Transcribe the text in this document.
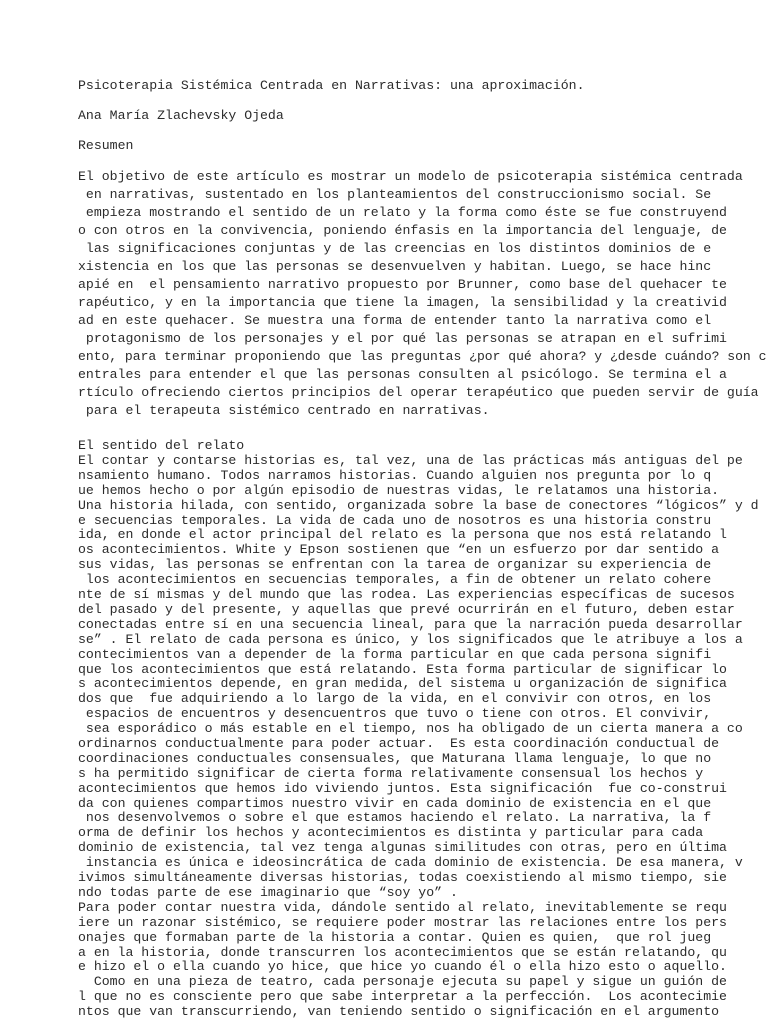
Psicoterapia Sistémica Centrada en Narrativas: una aproximación.
Ana María Zlachevsky Ojeda
Resumen
El objetivo de este artículo es mostrar un modelo de psicoterapia sistémica centrada
en narrativas, sustentado en los planteamientos del construccionismo social. Se
empieza mostrando el sentido de un relato y la forma como éste se fue construyend
o con otros en la convivencia, poniendo énfasis en la importancia del lenguaje, de
las significaciones conjuntas y de las creencias en los distintos dominios de e
xistencia en los que las personas se desenvuelven y habitan. Luego, se hace hinc
apié en  el pensamiento narrativo propuesto por Brunner, como base del quehacer te
rapéutico, y en la importancia que tiene la imagen, la sensibilidad y la creativid
ad en este quehacer. Se muestra una forma de entender tanto la narrativa como el
protagonismo de los personajes y el por qué las personas se atrapan en el sufrimi
ento, para terminar proponiendo que las preguntas ¿por qué ahora? y ¿desde cuándo? son c
entrales para entender el que las personas consulten al psicólogo. Se termina el a
rtículo ofreciendo ciertos principios del operar terapéutico que pueden servir de guía
para el terapeuta sistémico centrado en narrativas.
El sentido del relato
El contar y contarse historias es, tal vez, una de las prácticas más antiguas del pe
nsamiento humano. Todos narramos historias. Cuando alguien nos pregunta por lo q
ue hemos hecho o por algún episodio de nuestras vidas, le relatamos una historia.
Una historia hilada, con sentido, organizada sobre la base de conectores “lógicos” y d
e secuencias temporales. La vida de cada uno de nosotros es una historia constru
ida, en donde el actor principal del relato es la persona que nos está relatando l
os acontecimientos. White y Epson sostienen que “en un esfuerzo por dar sentido a
sus vidas, las personas se enfrentan con la tarea de organizar su experiencia de
los acontecimientos en secuencias temporales, a fin de obtener un relato cohere
nte de sí mismas y del mundo que las rodea. Las experiencias específicas de sucesos
del pasado y del presente, y aquellas que prevé ocurrirán en el futuro, deben estar
conectadas entre sí en una secuencia lineal, para que la narración pueda desarrollar
se” . El relato de cada persona es único, y los significados que le atribuye a los a
contecimientos van a depender de la forma particular en que cada persona signifi
que los acontecimientos que está relatando. Esta forma particular de significar lo
s acontecimientos depende, en gran medida, del sistema u organización de significa
dos que  fue adquiriendo a lo largo de la vida, en el convivir con otros, en los
espacios de encuentros y desencuentros que tuvo o tiene con otros. El convivir,
sea esporádico o más estable en el tiempo, nos ha obligado de un cierta manera a co
ordinarnos conductualmente para poder actuar.  Es esta coordinación conductual de
coordinaciones conductuales consensuales, que Maturana llama lenguaje, lo que no
s ha permitido significar de cierta forma relativamente consensual los hechos y
acontecimientos que hemos ido viviendo juntos. Esta significación  fue co-construi
da con quienes compartimos nuestro vivir en cada dominio de existencia en el que
nos desenvolvemos o sobre el que estamos haciendo el relato. La narrativa, la f
orma de definir los hechos y acontecimientos es distinta y particular para cada
dominio de existencia, tal vez tenga algunas similitudes con otras, pero en última
instancia es única e ideosincrática de cada dominio de existencia. De esa manera, v
ivimos simultáneamente diversas historias, todas coexistiendo al mismo tiempo, sie
ndo todas parte de ese imaginario que “soy yo” .
Para poder contar nuestra vida, dándole sentido al relato, inevitablemente se requ
iere un razonar sistémico, se requiere poder mostrar las relaciones entre los pers
onajes que formaban parte de la historia a contar. Quien es quien,  que rol jueg
a en la historia, donde transcurren los acontecimientos que se están relatando, qu
e hizo el o ella cuando yo hice, que hice yo cuando él o ella hizo esto o aquello.
Como en una pieza de teatro, cada personaje ejecuta su papel y sigue un guión de
l que no es consciente pero que sabe interpretar a la perfección.  Los acontecimie
ntos que van transcurriendo, van teniendo sentido o significación en el argumento
